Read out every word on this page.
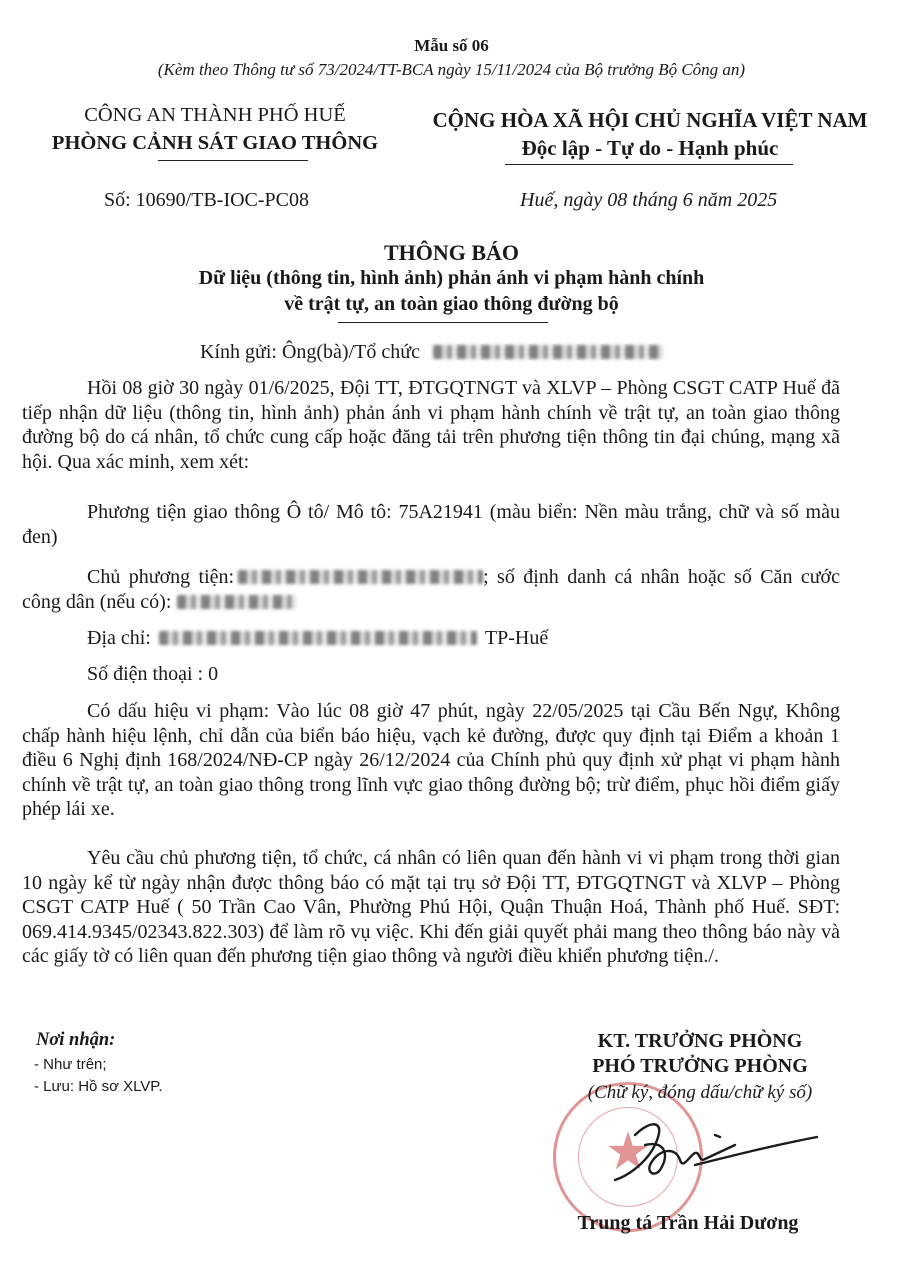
Mẫu số 06
(Kèm theo Thông tư số 73/2024/TT-BCA ngày 15/11/2024 của Bộ trưởng Bộ Công an)
CÔNG AN THÀNH PHỐ HUẾ
PHÒNG CẢNH SÁT GIAO THÔNG
CỘNG HÒA XÃ HỘI CHỦ NGHĨA VIỆT NAM
Độc lập - Tự do - Hạnh phúc
Số: 10690/TB-IOC-PC08	Huế, ngày 08 tháng 6 năm 2025
THÔNG BÁO
Dữ liệu (thông tin, hình ảnh) phản ánh vi phạm hành chính
về trật tự, an toàn giao thông đường bộ
Kính gửi: Ông(bà)/Tổ chức
Hồi 08 giờ 30 ngày 01/6/2025, Đội TT, ĐTGQTNGT và XLVP – Phòng CSGT CATP Huế đã tiếp nhận dữ liệu (thông tin, hình ảnh) phản ánh vi phạm hành chính về trật tự, an toàn giao thông đường bộ do cá nhân, tổ chức cung cấp hoặc đăng tải trên phương tiện thông tin đại chúng, mạng xã hội. Qua xác minh, xem xét:
Phương tiện giao thông Ô tô/ Mô tô: 75A21941 (màu biển: Nền màu trắng, chữ và số màu đen)
Chủ phương tiện:	; số định danh cá nhân hoặc số Căn cước công dân (nếu có):
Địa chỉ:	TP-Huế
Số điện thoại : 0
Có dấu hiệu vi phạm: Vào lúc 08 giờ 47 phút, ngày 22/05/2025 tại Cầu Bến Ngự, Không chấp hành hiệu lệnh, chỉ dẫn của biển báo hiệu, vạch kẻ đường, được quy định tại Điểm a khoản 1 điều 6 Nghị định 168/2024/NĐ-CP ngày 26/12/2024 của Chính phủ quy định xử phạt vi phạm hành chính về trật tự, an toàn giao thông trong lĩnh vực giao thông đường bộ; trừ điểm, phục hồi điểm giấy phép lái xe.
Yêu cầu chủ phương tiện, tổ chức, cá nhân có liên quan đến hành vi vi phạm trong thời gian 10 ngày kể từ ngày nhận được thông báo có mặt tại trụ sở Đội TT, ĐTGQTNGT và XLVP – Phòng CSGT CATP Huế ( 50 Trần Cao Vân, Phường Phú Hội, Quận Thuận Hoá, Thành phố Huế. SĐT: 069.414.9345/02343.822.303) để làm rõ vụ việc. Khi đến giải quyết phải mang theo thông báo này và các giấy tờ có liên quan đến phương tiện giao thông và người điều khiển phương tiện./.
Nơi nhận:
- Như trên;
- Lưu: Hồ sơ XLVP.
★
KT. TRƯỞNG PHÒNG
PHÓ TRƯỞNG PHÒNG
(Chữ ký, đóng dấu/chữ ký số)
Trung tá Trần Hải Dương
